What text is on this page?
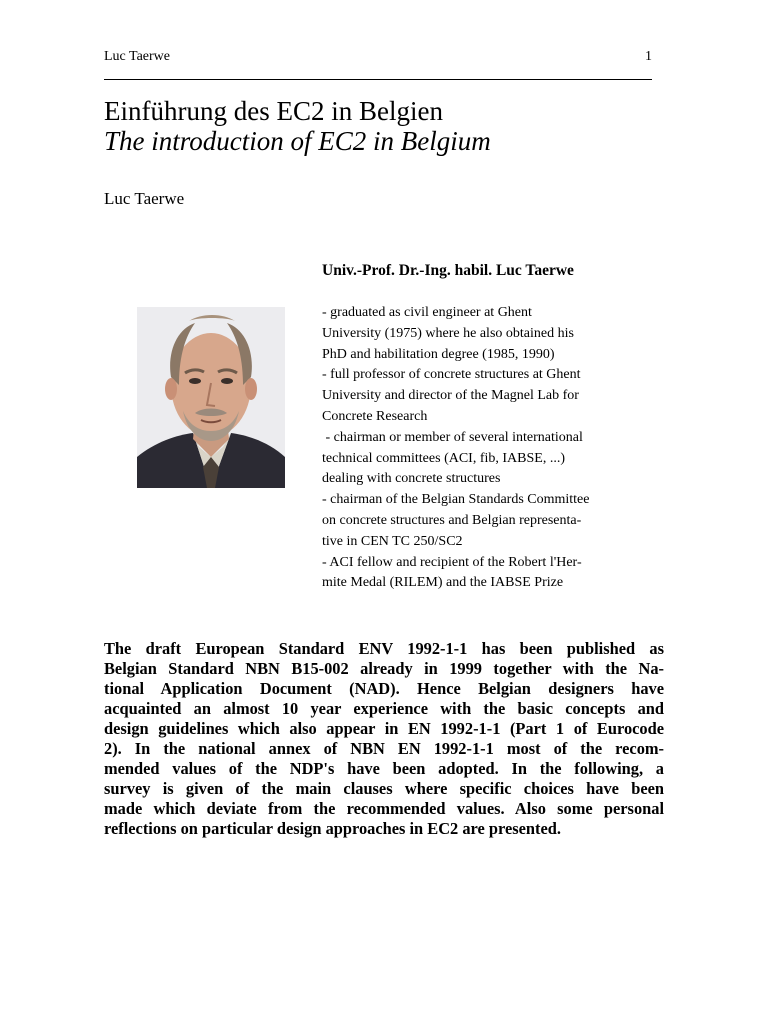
Luc Taerwe	1
Einführung des EC2 in Belgien
The introduction of EC2 in Belgium
Luc Taerwe
Univ.-Prof. Dr.-Ing. habil. Luc Taerwe
- graduated as civil engineer at Ghent
University (1975) where he also obtained his
PhD and habilitation degree (1985, 1990)
- full professor of concrete structures at Ghent
University and director of the Magnel Lab for
Concrete Research
- chairman or member of several international
technical committees (ACI, fib, IABSE, ...)
dealing with concrete structures
- chairman of the Belgian Standards Committee
on concrete structures and Belgian representa-
tive in CEN TC 250/SC2
- ACI fellow and recipient of the Robert l'Her-
mite Medal (RILEM) and the IABSE Prize
The draft European Standard ENV 1992-1-1 has been published as
Belgian Standard NBN B15-002 already in 1999 together with the Na-
tional Application Document (NAD). Hence Belgian designers have
acquainted an almost 10 year experience with the basic concepts and
design guidelines which also appear in EN 1992-1-1 (Part 1 of Eurocode
2). In the national annex of NBN EN 1992-1-1 most of the recom-
mended values of the NDP's have been adopted. In the following, a
survey is given of the main clauses where specific choices have been
made which deviate from the recommended values. Also some personal
reflections on particular design approaches in EC2 are presented.
